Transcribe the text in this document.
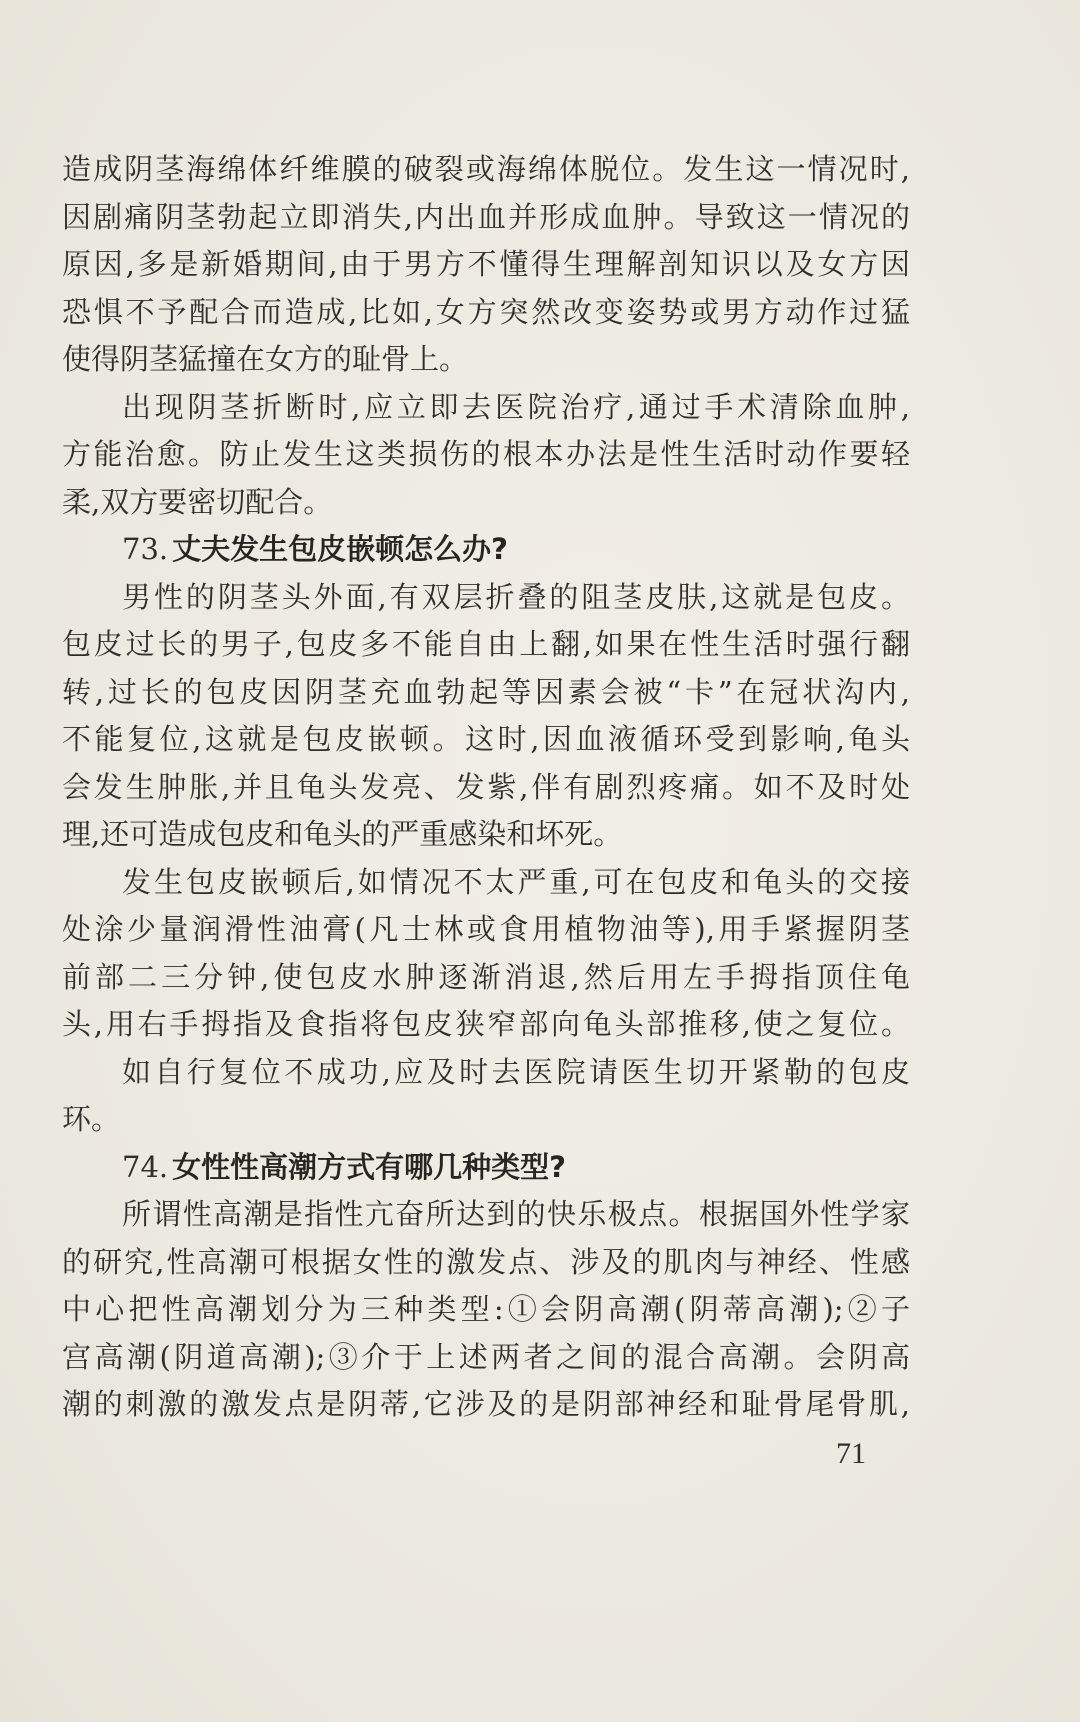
造成阴茎海绵体纤维膜的破裂或海绵体脱位。发生这一情况时,
因剧痛阴茎勃起立即消失,内出血并形成血肿。导致这一情况的
原因,多是新婚期间,由于男方不懂得生理解剖知识以及女方因
恐惧不予配合而造成,比如,女方突然改变姿势或男方动作过猛
使得阴茎猛撞在女方的耻骨上。
出现阴茎折断时,应立即去医院治疗,通过手术清除血肿,
方能治愈。防止发生这类损伤的根本办法是性生活时动作要轻
柔,双方要密切配合。
73. 丈夫发生包皮嵌顿怎么办?
男性的阴茎头外面,有双层折叠的阻茎皮肤,这就是包皮。
包皮过长的男子,包皮多不能自由上翻,如果在性生活时强行翻
转,过长的包皮因阴茎充血勃起等因素会被“卡”在冠状沟内,
不能复位,这就是包皮嵌顿。这时,因血液循环受到影响,龟头
会发生肿胀,并且龟头发亮、发紫,伴有剧烈疼痛。如不及时处
理,还可造成包皮和龟头的严重感染和坏死。
发生包皮嵌顿后,如情况不太严重,可在包皮和龟头的交接
处涂少量润滑性油膏(凡士林或食用植物油等),用手紧握阴茎
前部二三分钟,使包皮水肿逐渐消退,然后用左手拇指顶住龟
头,用右手拇指及食指将包皮狭窄部向龟头部推移,使之复位。
如自行复位不成功,应及时去医院请医生切开紧勒的包皮
环。
74. 女性性高潮方式有哪几种类型?
所谓性高潮是指性亢奋所达到的快乐极点。根据国外性学家
的研究,性高潮可根据女性的激发点、涉及的肌肉与神经、性感
中心把性高潮划分为三种类型:①会阴高潮(阴蒂高潮);②子
宫高潮(阴道高潮);③介于上述两者之间的混合高潮。会阴高
潮的刺激的激发点是阴蒂,它涉及的是阴部神经和耻骨尾骨肌,
71
